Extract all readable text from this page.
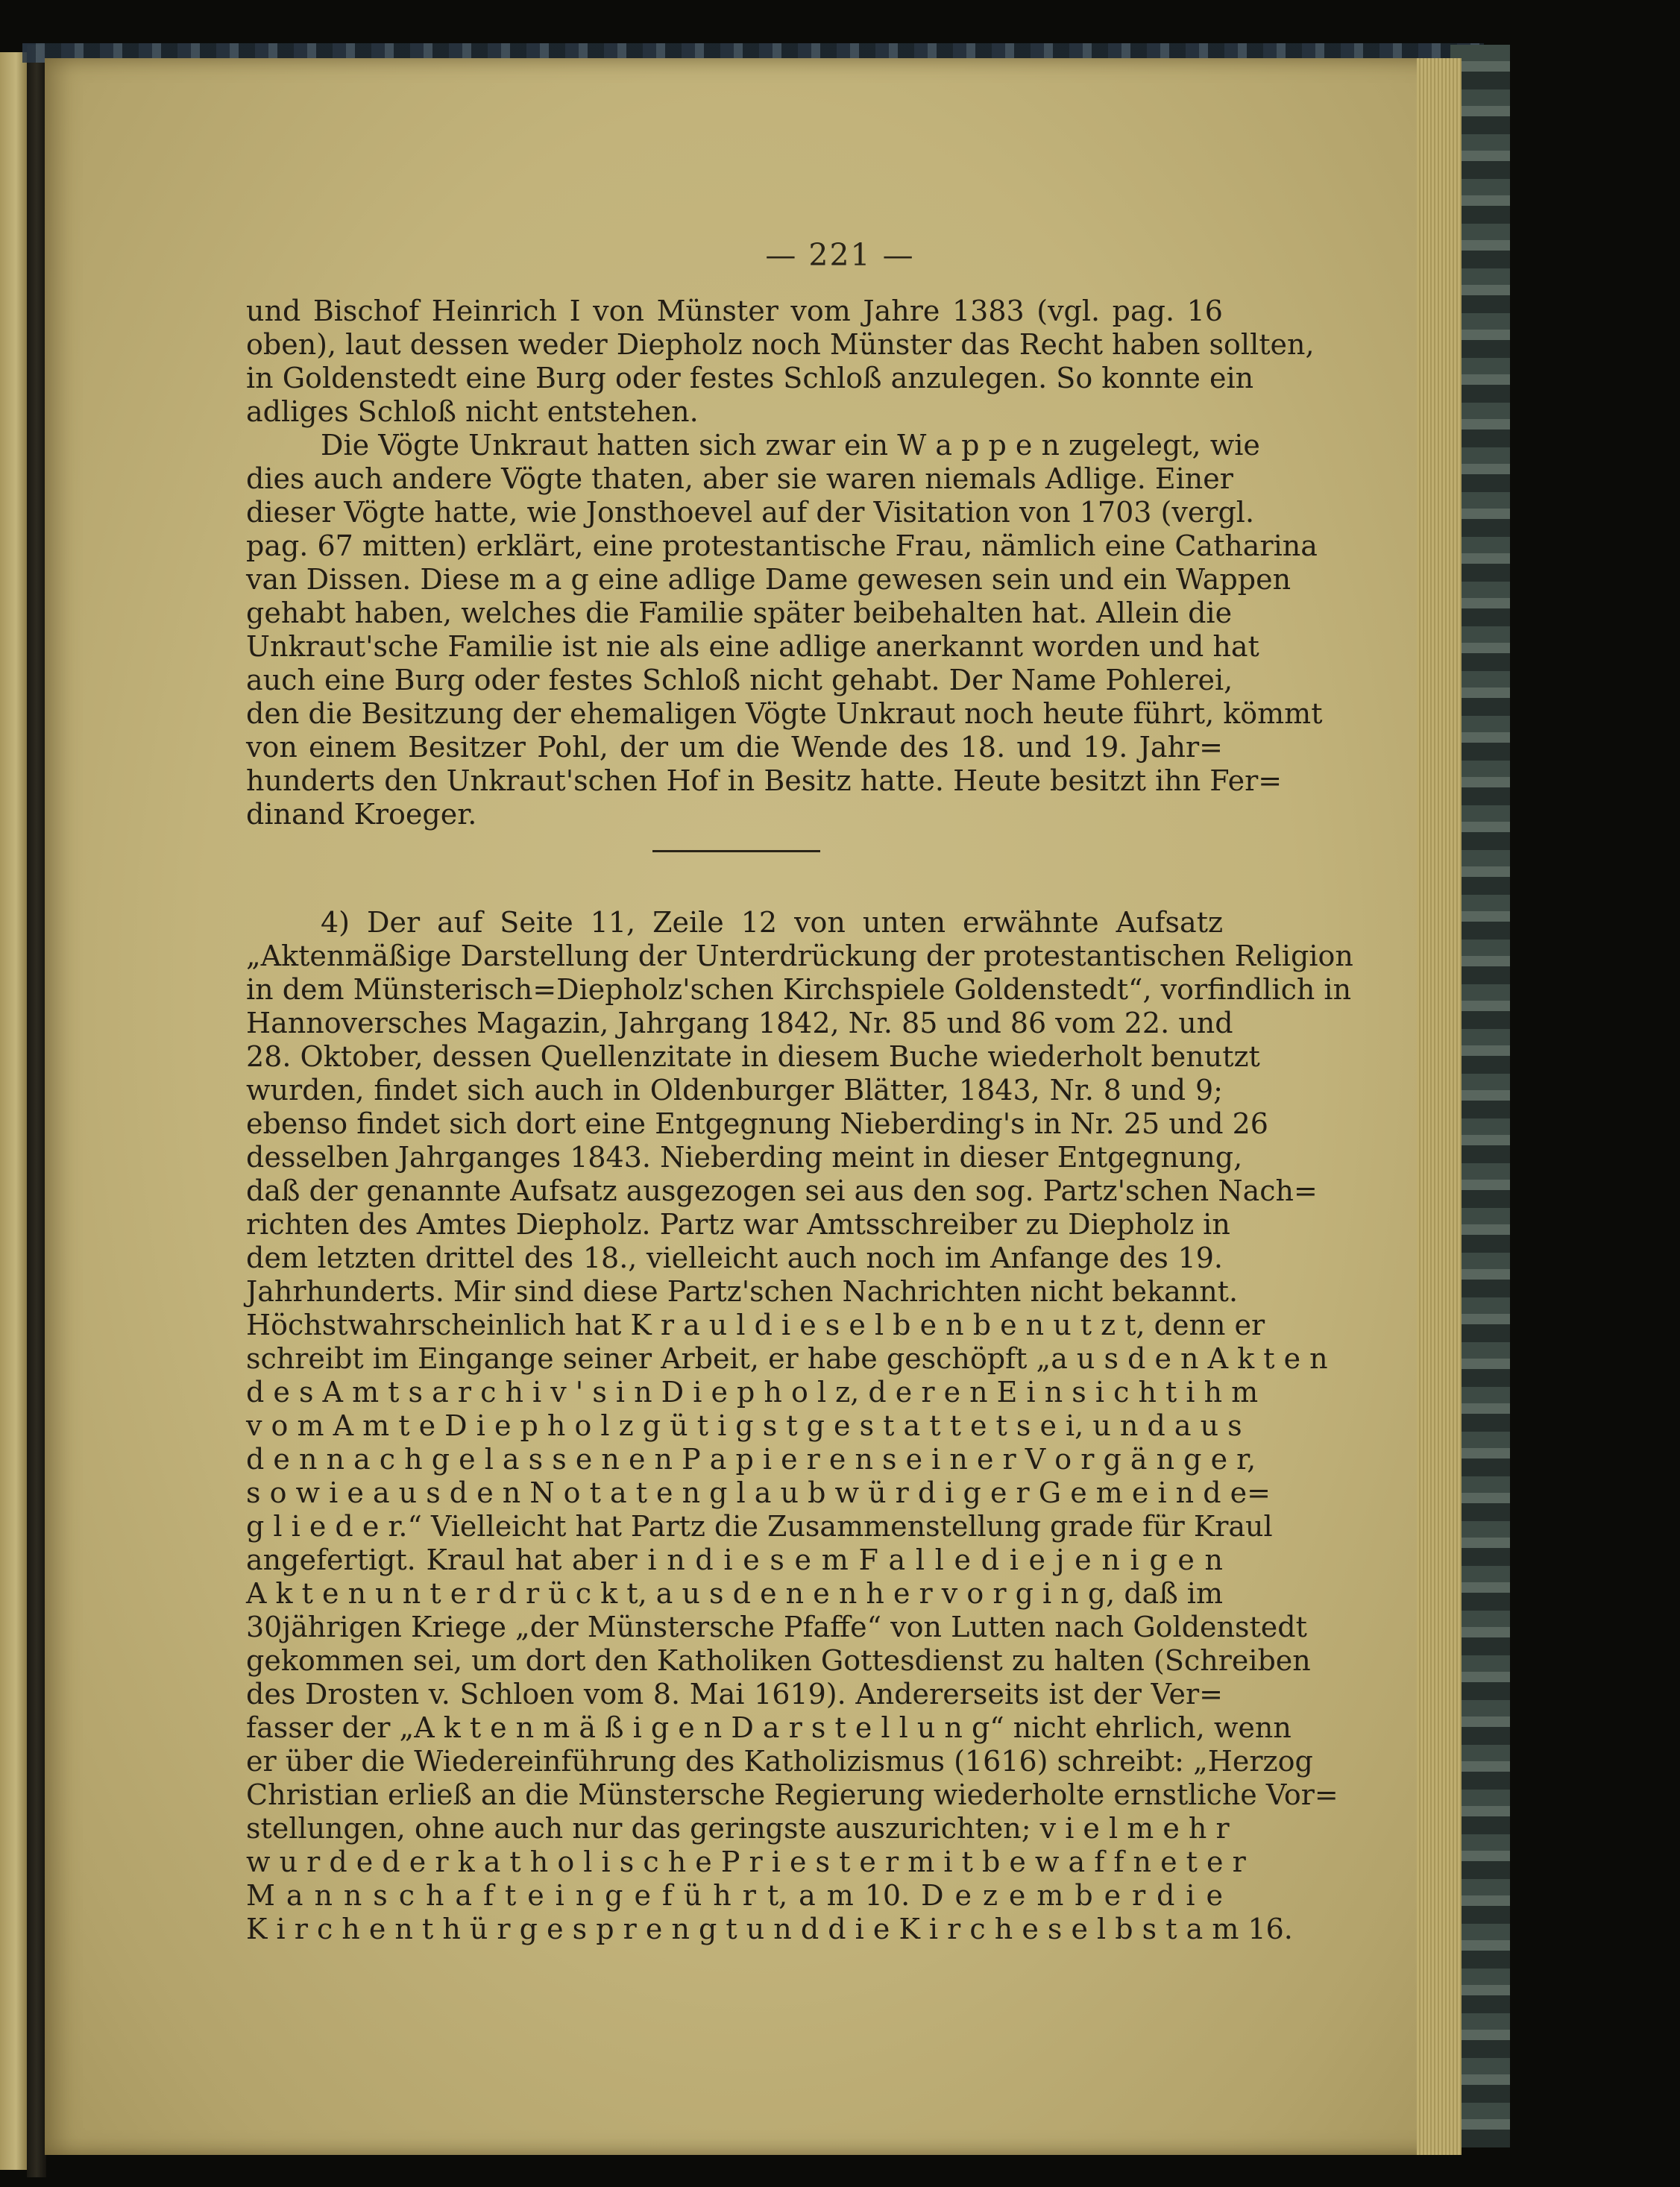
— 221 —
und Bischof Heinrich I von Münster vom Jahre 1383 (vgl. pag. 16
oben), laut dessen weder Diepholz noch Münster das Recht haben sollten,
in Goldenstedt eine Burg oder festes Schloß anzulegen. So konnte ein
adliges Schloß nicht entstehen.
Die Vögte Unkraut hatten sich zwar ein W a p p e n zugelegt, wie
dies auch andere Vögte thaten, aber sie waren niemals Adlige. Einer
dieser Vögte hatte, wie Jonsthoevel auf der Visitation von 1703 (vergl.
pag. 67 mitten) erklärt, eine protestantische Frau, nämlich eine Catharina
van Dissen. Diese m a g eine adlige Dame gewesen sein und ein Wappen
gehabt haben, welches die Familie später beibehalten hat. Allein die
Unkraut'sche Familie ist nie als eine adlige anerkannt worden und hat
auch eine Burg oder festes Schloß nicht gehabt. Der Name Pohlerei,
den die Besitzung der ehemaligen Vögte Unkraut noch heute führt, kömmt
von einem Besitzer Pohl, der um die Wende des 18. und 19. Jahr=
hunderts den Unkraut'schen Hof in Besitz hatte. Heute besitzt ihn Fer=
dinand Kroeger.
4) Der auf Seite 11, Zeile 12 von unten erwähnte Aufsatz
„Aktenmäßige Darstellung der Unterdrückung der protestantischen Religion
in dem Münsterisch=Diepholz'schen Kirchspiele Goldenstedt“, vorfindlich in
Hannoversches Magazin, Jahrgang 1842, Nr. 85 und 86 vom 22. und
28. Oktober, dessen Quellenzitate in diesem Buche wiederholt benutzt
wurden, findet sich auch in Oldenburger Blätter, 1843, Nr. 8 und 9;
ebenso findet sich dort eine Entgegnung Nieberding's in Nr. 25 und 26
desselben Jahrganges 1843. Nieberding meint in dieser Entgegnung,
daß der genannte Aufsatz ausgezogen sei aus den sog. Partz'schen Nach=
richten des Amtes Diepholz. Partz war Amtsschreiber zu Diepholz in
dem letzten drittel des 18., vielleicht auch noch im Anfange des 19.
Jahrhunderts. Mir sind diese Partz'schen Nachrichten nicht bekannt.
Höchstwahrscheinlich hat K r a u l d i e s e l b e n b e n u t z t, denn er
schreibt im Eingange seiner Arbeit, er habe geschöpft „a u s d e n A k t e n
d e s A m t s a r c h i v ' s i n D i e p h o l z, d e r e n E i n s i c h t i h m
v o m A m t e D i e p h o l z g ü t i g s t g e s t a t t e t s e i, u n d a u s
d e n n a c h g e l a s s e n e n P a p i e r e n s e i n e r V o r g ä n g e r,
s o w i e a u s d e n N o t a t e n g l a u b w ü r d i g e r G e m e i n d e=
g l i e d e r.“ Vielleicht hat Partz die Zusammenstellung grade für Kraul
angefertigt. Kraul hat aber i n d i e s e m F a l l e d i e j e n i g e n
A k t e n u n t e r d r ü c k t, a u s d e n e n h e r v o r g i n g, daß im
30jährigen Kriege „der Münstersche Pfaffe“ von Lutten nach Goldenstedt
gekommen sei, um dort den Katholiken Gottesdienst zu halten (Schreiben
des Drosten v. Schloen vom 8. Mai 1619). Andererseits ist der Ver=
fasser der „A k t e n m ä ß i g e n D a r s t e l l u n g“ nicht ehrlich, wenn
er über die Wiedereinführung des Katholizismus (1616) schreibt: „Herzog
Christian erließ an die Münstersche Regierung wiederholte ernstliche Vor=
stellungen, ohne auch nur das geringste auszurichten; v i e l m e h r
w u r d e d e r k a t h o l i s c h e P r i e s t e r m i t b e w a f f n e t e r
M a n n s c h a f t e i n g e f ü h r t, a m 10. D e z e m b e r d i e
K i r c h e n t h ü r g e s p r e n g t u n d d i e K i r c h e s e l b s t a m 16.
